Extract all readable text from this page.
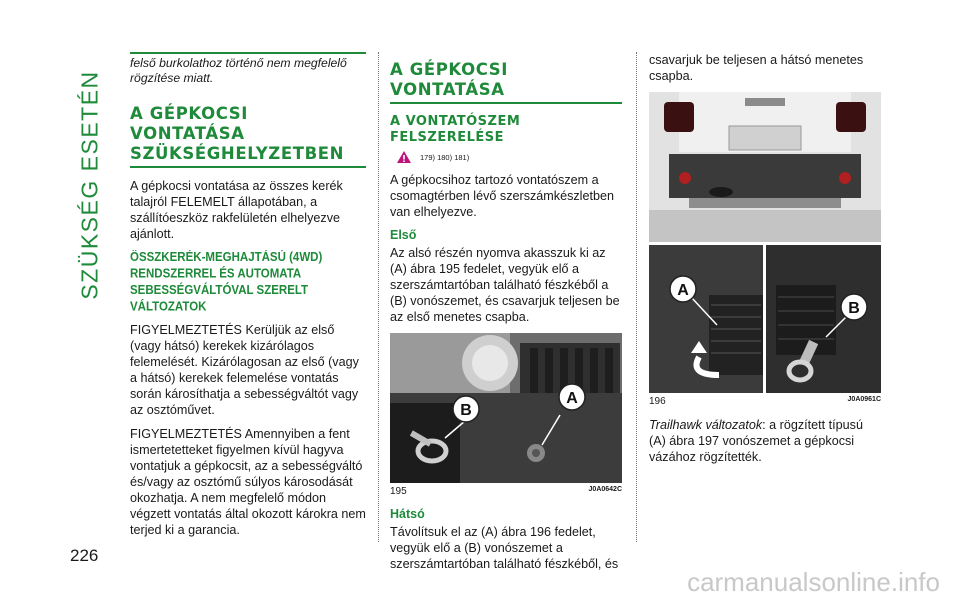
SZÜKSÉG ESETÉN
226

felső burkolathoz történő nem megfelelő rögzítése miatt.

A GÉPKOCSI VONTATÁSA SZÜKSÉGHELYZETBEN

A gépkocsi vontatása az összes kerék talajról FELEMELT állapotában, a szállítóeszköz rakfelületén elhelyezve ajánlott.

ÖSSZKERÉK-MEGHAJTÁSÚ (4WD) RENDSZERREL ÉS AUTOMATA SEBESSÉGVÁLTÓVAL SZERELT VÁLTOZATOK

FIGYELMEZTETÉS Kerüljük az első (vagy hátsó) kerekek kizárólagos felemelését. Kizárólagosan az első (vagy a hátsó) kerekek felemelése vontatás során károsíthatja a sebességváltót vagy az osztóművet.

FIGYELMEZTETÉS Amennyiben a fent ismertetetteket figyelmen kívül hagyva vontatjuk a gépkocsit, az a sebességváltó és/vagy az osztómű súlyos károsodását okozhatja. A nem megfelelő módon végzett vontatás által okozott károkra nem terjed ki a garancia.

A GÉPKOCSI VONTATÁSA
A VONTATÓSZEM FELSZERELÉSE
179) 180) 181)

A gépkocsihoz tartozó vontatószem a csomagtérben lévő szerszámkészletben van elhelyezve.

Első

Az alsó részén nyomva akasszuk ki az (A) ábra 195 fedelet, vegyük elő a szerszámtartóban található fészkéből a (B) vonószemet, és csavarjuk teljesen be az első menetes csapba.

A
B
195	J0A0642C
Hátsó

Távolítsuk el az (A) ábra 196 fedelet, vegyük elő a (B) vonószemet a szerszámtartóban található fészkéből, és

csavarjuk be teljesen a hátsó menetes csapba.

A
B
196	J0A0961C

Trailhawk változatok: a rögzített típusú (A) ábra 197 vonószemet a gépkocsi vázához rögzítették.

carmanualsonline.info
